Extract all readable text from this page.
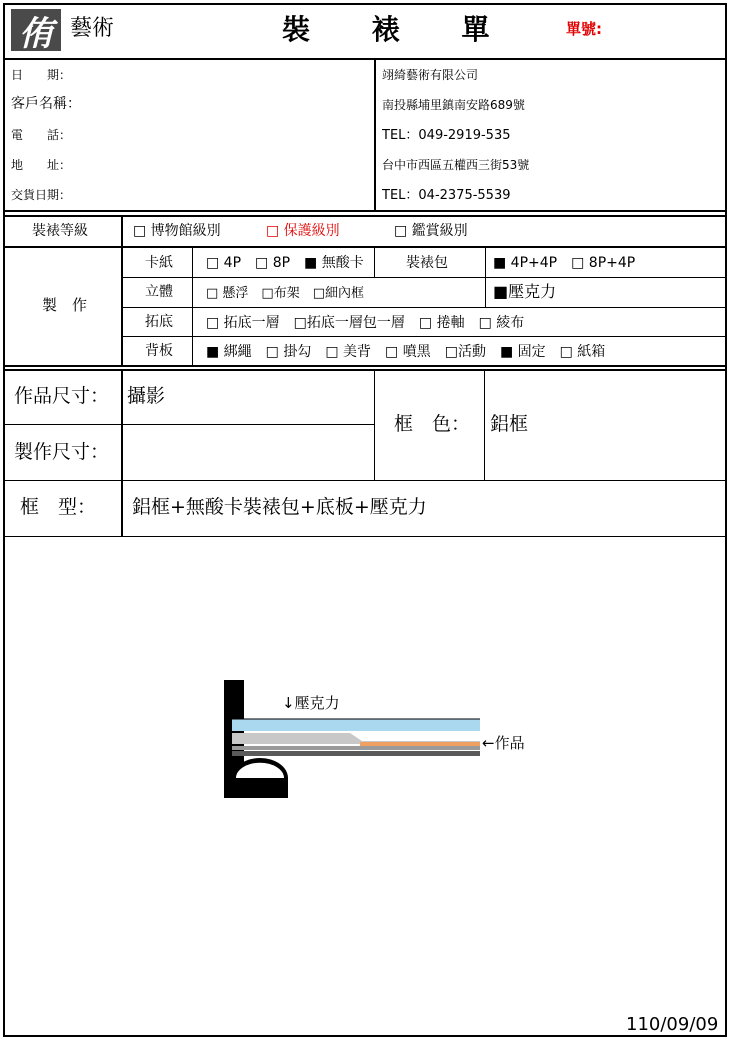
侑 藝術	裝 裱 單	單號:
日　　期：
客戶名稱：
電　　話：
地　　址：
交貨日期：
翊綺藝術有限公司
南投縣埔里鎮南安路689號
TEL：049-2919-535
台中市西區五權西三街53號
TEL：04-2375-5539
裝裱等級	□ 博物館級別	□ 保護級別	□ 鑑賞級別
製　作
卡紙 □ 4P　□ 8P　■ 無酸卡	裝裱包	■ 4P+4P　□ 8P+4P
立體	□ 懸浮　□布架　□細內框	■壓克力
拓底 □ 拓底一層　□拓底一層包一層　□ 捲軸　□ 綾布
背板 ■ 綁繩　□ 掛勾　□ 美背　□ 噴黑　□活動　■ 固定　□ 紙箱
作品尺寸： 攝影
製作尺寸：
框　色： 鋁框
框　型： 鋁框+無酸卡裝裱包+底板+壓克力
↓壓克力
←作品
110/09/09
